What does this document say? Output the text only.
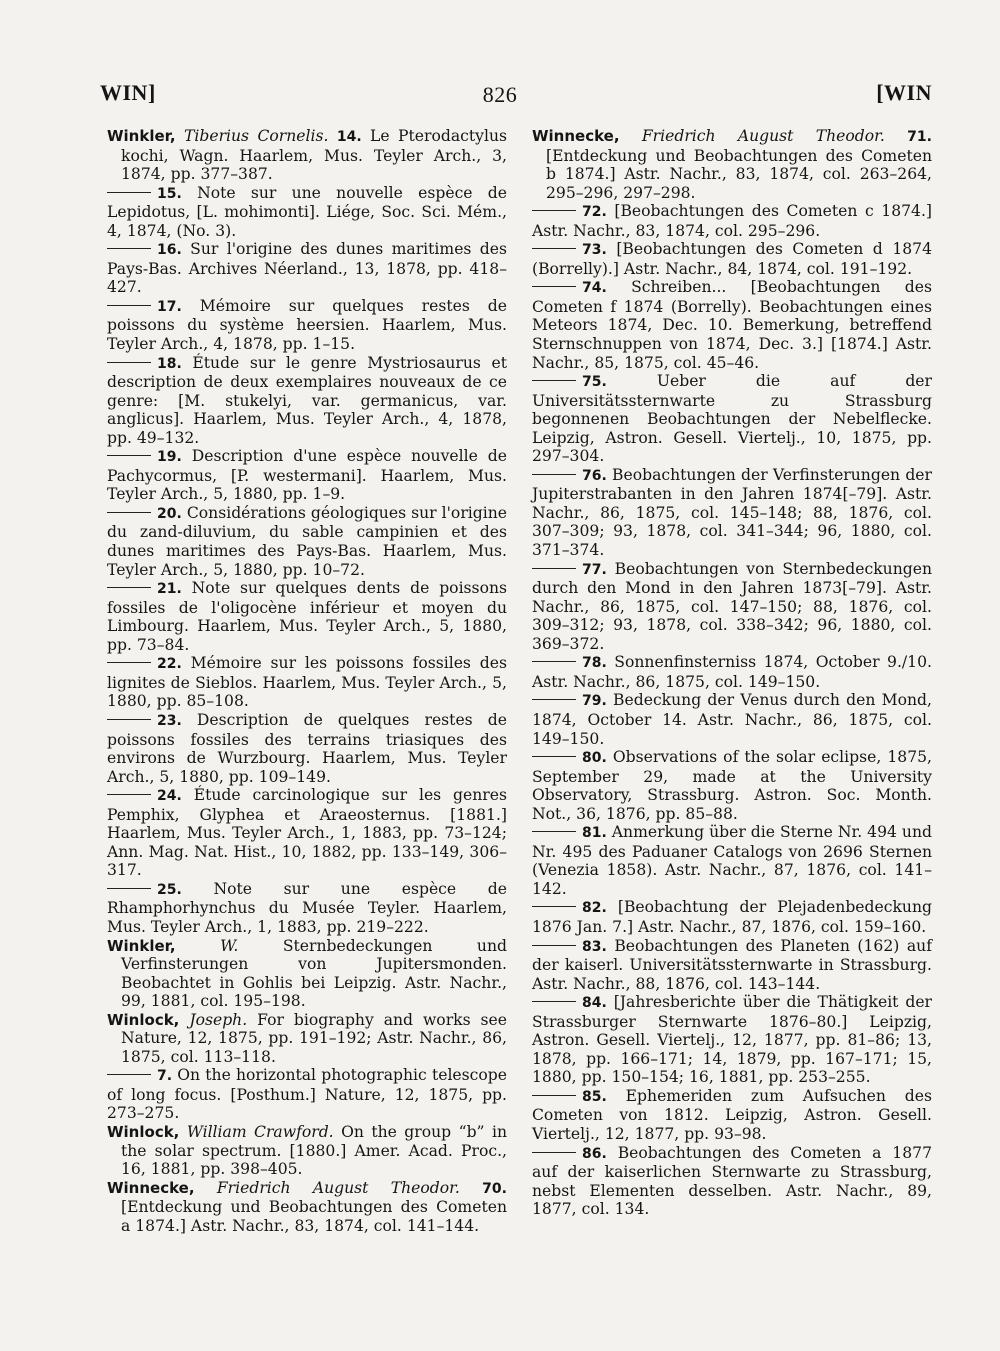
WIN]	826	[WIN

Winkler, Tiberius Cornelis. 14. Le Pterodactylus kochi, Wagn. Haarlem, Mus. Teyler Arch., 3, 1874, pp. 377–387.

15. Note sur une nouvelle espèce de Lepidotus, [L. mohimonti]. Liége, Soc. Sci. Mém., 4, 1874, (No. 3).

16. Sur l'origine des dunes maritimes des Pays-Bas. Archives Néerland., 13, 1878, pp. 418–427.

17. Mémoire sur quelques restes de poissons du système heersien. Haarlem, Mus. Teyler Arch., 4, 1878, pp. 1–15.

18. Étude sur le genre Mystriosaurus et description de deux exemplaires nouveaux de ce genre: [M. stukelyi, var. germanicus, var. anglicus]. Haarlem, Mus. Teyler Arch., 4, 1878, pp. 49–132.

19. Description d'une espèce nouvelle de Pachycormus, [P. westermani]. Haarlem, Mus. Teyler Arch., 5, 1880, pp. 1–9.

20. Considérations géologiques sur l'origine du zand-diluvium, du sable campinien et des dunes maritimes des Pays-Bas. Haarlem, Mus. Teyler Arch., 5, 1880, pp. 10–72.

21. Note sur quelques dents de poissons fossiles de l'oligocène inférieur et moyen du Limbourg. Haarlem, Mus. Teyler Arch., 5, 1880, pp. 73–84.

22. Mémoire sur les poissons fossiles des lignites de Sieblos. Haarlem, Mus. Teyler Arch., 5, 1880, pp. 85–108.

23. Description de quelques restes de poissons fossiles des terrains triasiques des environs de Wurzbourg. Haarlem, Mus. Teyler Arch., 5, 1880, pp. 109–149.

24. Étude carcinologique sur les genres Pemphix, Glyphea et Araeosternus. [1881.] Haarlem, Mus. Teyler Arch., 1, 1883, pp. 73–124; Ann. Mag. Nat. Hist., 10, 1882, pp. 133–149, 306–317.

25. Note sur une espèce de Rhamphorhynchus du Musée Teyler. Haarlem, Mus. Teyler Arch., 1, 1883, pp. 219–222.

Winkler,	W. Sternbedeckungen und Verfinsterungen von Jupitersmonden. Beobachtet in Gohlis bei Leipzig. Astr. Nachr., 99, 1881, col. 195–198.

Winlock, Joseph. For biography and works see Nature, 12, 1875, pp. 191–192; Astr. Nachr., 86, 1875, col. 113–118.

7. On the horizontal photographic telescope of long focus. [Posthum.] Nature, 12, 1875, pp. 273–275.

Winlock, William Crawford. On the group “b” in the solar spectrum. [1880.] Amer. Acad. Proc., 16, 1881, pp. 398–405.

Winnecke, Friedrich August Theodor. 70. [Entdeckung und Beobachtungen des Cometen a 1874.] Astr. Nachr., 83, 1874, col. 141–144.

Winnecke, Friedrich August Theodor. 71. [Entdeckung und Beobachtungen des Cometen b 1874.] Astr. Nachr., 83, 1874, col. 263–264, 295–296, 297–298.

72. [Beobachtungen des Cometen c 1874.] Astr. Nachr., 83, 1874, col. 295–296.

73. [Beobachtungen des Cometen d 1874 (Borrelly).] Astr. Nachr., 84, 1874, col. 191–192.

74. Schreiben... [Beobachtungen des Cometen f 1874 (Borrelly). Beobachtungen eines Meteors 1874, Dec. 10. Bemerkung, betreffend Sternschnuppen von 1874, Dec. 3.] [1874.] Astr. Nachr., 85, 1875, col. 45–46.

75. Ueber die auf der Universitätssternwarte zu Strassburg begonnenen Beobachtungen der Nebelflecke. Leipzig, Astron. Gesell. Viertelj., 10, 1875, pp. 297–304.

76. Beobachtungen der Verfinsterungen der Jupiterstrabanten in den Jahren 1874[–79]. Astr. Nachr., 86, 1875, col. 145–148; 88, 1876, col. 307–309; 93, 1878, col. 341–344; 96, 1880, col. 371–374.

77. Beobachtungen von Sternbedeckungen durch den Mond in den Jahren 1873[–79]. Astr. Nachr., 86, 1875, col. 147–150; 88, 1876, col. 309–312; 93, 1878, col. 338–342; 96, 1880, col. 369–372.

78. Sonnenfinsterniss 1874, October 9./10. Astr. Nachr., 86, 1875, col. 149–150.

79. Bedeckung der Venus durch den Mond, 1874, October 14. Astr. Nachr., 86, 1875, col. 149–150.

80. Observations of the solar eclipse, 1875, September 29, made at the University Observatory, Strassburg. Astron. Soc. Month. Not., 36, 1876, pp. 85–88.

81. Anmerkung über die Sterne Nr. 494 und Nr. 495 des Paduaner Catalogs von 2696 Sternen (Venezia 1858). Astr. Nachr., 87, 1876, col. 141–142.

82. [Beobachtung der Plejadenbedeckung 1876 Jan. 7.] Astr. Nachr., 87, 1876, col. 159–160.

83. Beobachtungen des Planeten (162) auf der kaiserl. Universitätssternwarte in Strassburg. Astr. Nachr., 88, 1876, col. 143–144.

84. [Jahresberichte über die Thätigkeit der Strassburger Sternwarte 1876–80.] Leipzig, Astron. Gesell. Viertelj., 12, 1877, pp. 81–86; 13, 1878, pp. 166–171; 14, 1879, pp. 167–171; 15, 1880, pp. 150–154; 16, 1881, pp. 253–255.

85. Ephemeriden zum Aufsuchen des Cometen von 1812. Leipzig, Astron. Gesell. Viertelj., 12, 1877, pp. 93–98.

86. Beobachtungen des Cometen a 1877 auf der kaiserlichen Sternwarte zu Strassburg, nebst Elementen desselben. Astr. Nachr., 89, 1877, col. 134.
